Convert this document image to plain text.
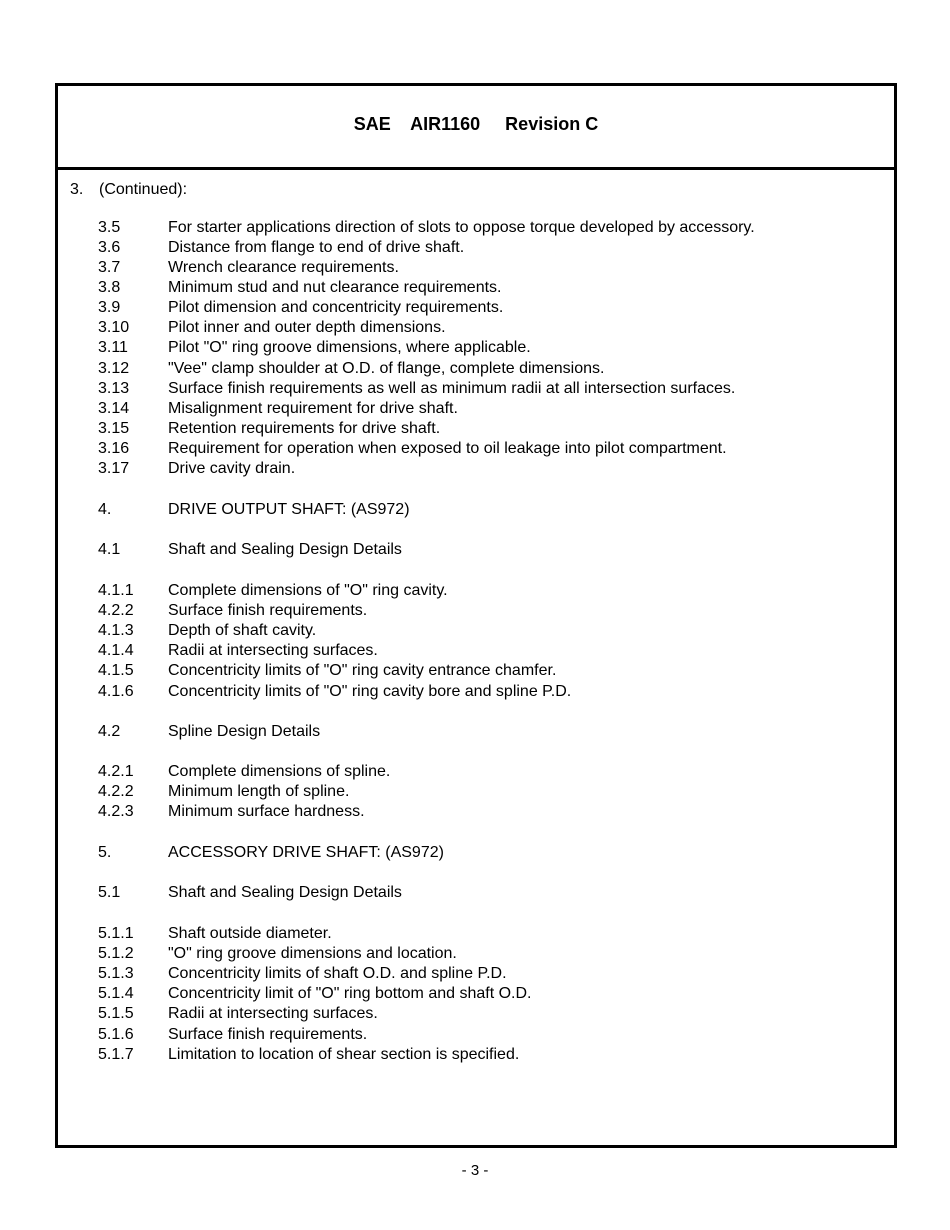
SAE    AIR1160     Revision C
3. (Continued):
3.5	For starter applications direction of slots to oppose torque developed by accessory.
3.6	Distance from flange to end of drive shaft.
3.7	Wrench clearance requirements.
3.8	Minimum stud and nut clearance requirements.
3.9	Pilot dimension and concentricity requirements.
3.10 Pilot inner and outer depth dimensions.
3.11	Pilot "O" ring groove dimensions, where applicable.
3.12 "Vee" clamp shoulder at O.D. of flange, complete dimensions.
3.13 Surface finish requirements as well as minimum radii at all intersection surfaces.
3.14 Misalignment requirement for drive shaft.
3.15 Retention requirements for drive shaft.
3.16 Requirement for operation when exposed to oil leakage into pilot compartment.
3.17 Drive cavity drain.
4.	DRIVE OUTPUT SHAFT: (AS972)
4.1	Shaft and Sealing Design Details
4.1.1 Complete dimensions of "O" ring cavity.
4.2.2 Surface finish requirements.
4.1.3 Depth of shaft cavity.
4.1.4 Radii at intersecting surfaces.
4.1.5 Concentricity limits of "O" ring cavity entrance chamfer.
4.1.6 Concentricity limits of "O" ring cavity bore and spline P.D.
4.2	Spline Design Details
4.2.1 Complete dimensions of spline.
4.2.2 Minimum length of spline.
4.2.3 Minimum surface hardness.
5.	ACCESSORY DRIVE SHAFT: (AS972)
5.1	Shaft and Sealing Design Details
5.1.1 Shaft outside diameter.
5.1.2 "O" ring groove dimensions and location.
5.1.3 Concentricity limits of shaft O.D. and spline P.D.
5.1.4 Concentricity limit of "O" ring bottom and shaft O.D.
5.1.5 Radii at intersecting surfaces.
5.1.6 Surface finish requirements.
5.1.7 Limitation to location of shear section is specified.
- 3 -
